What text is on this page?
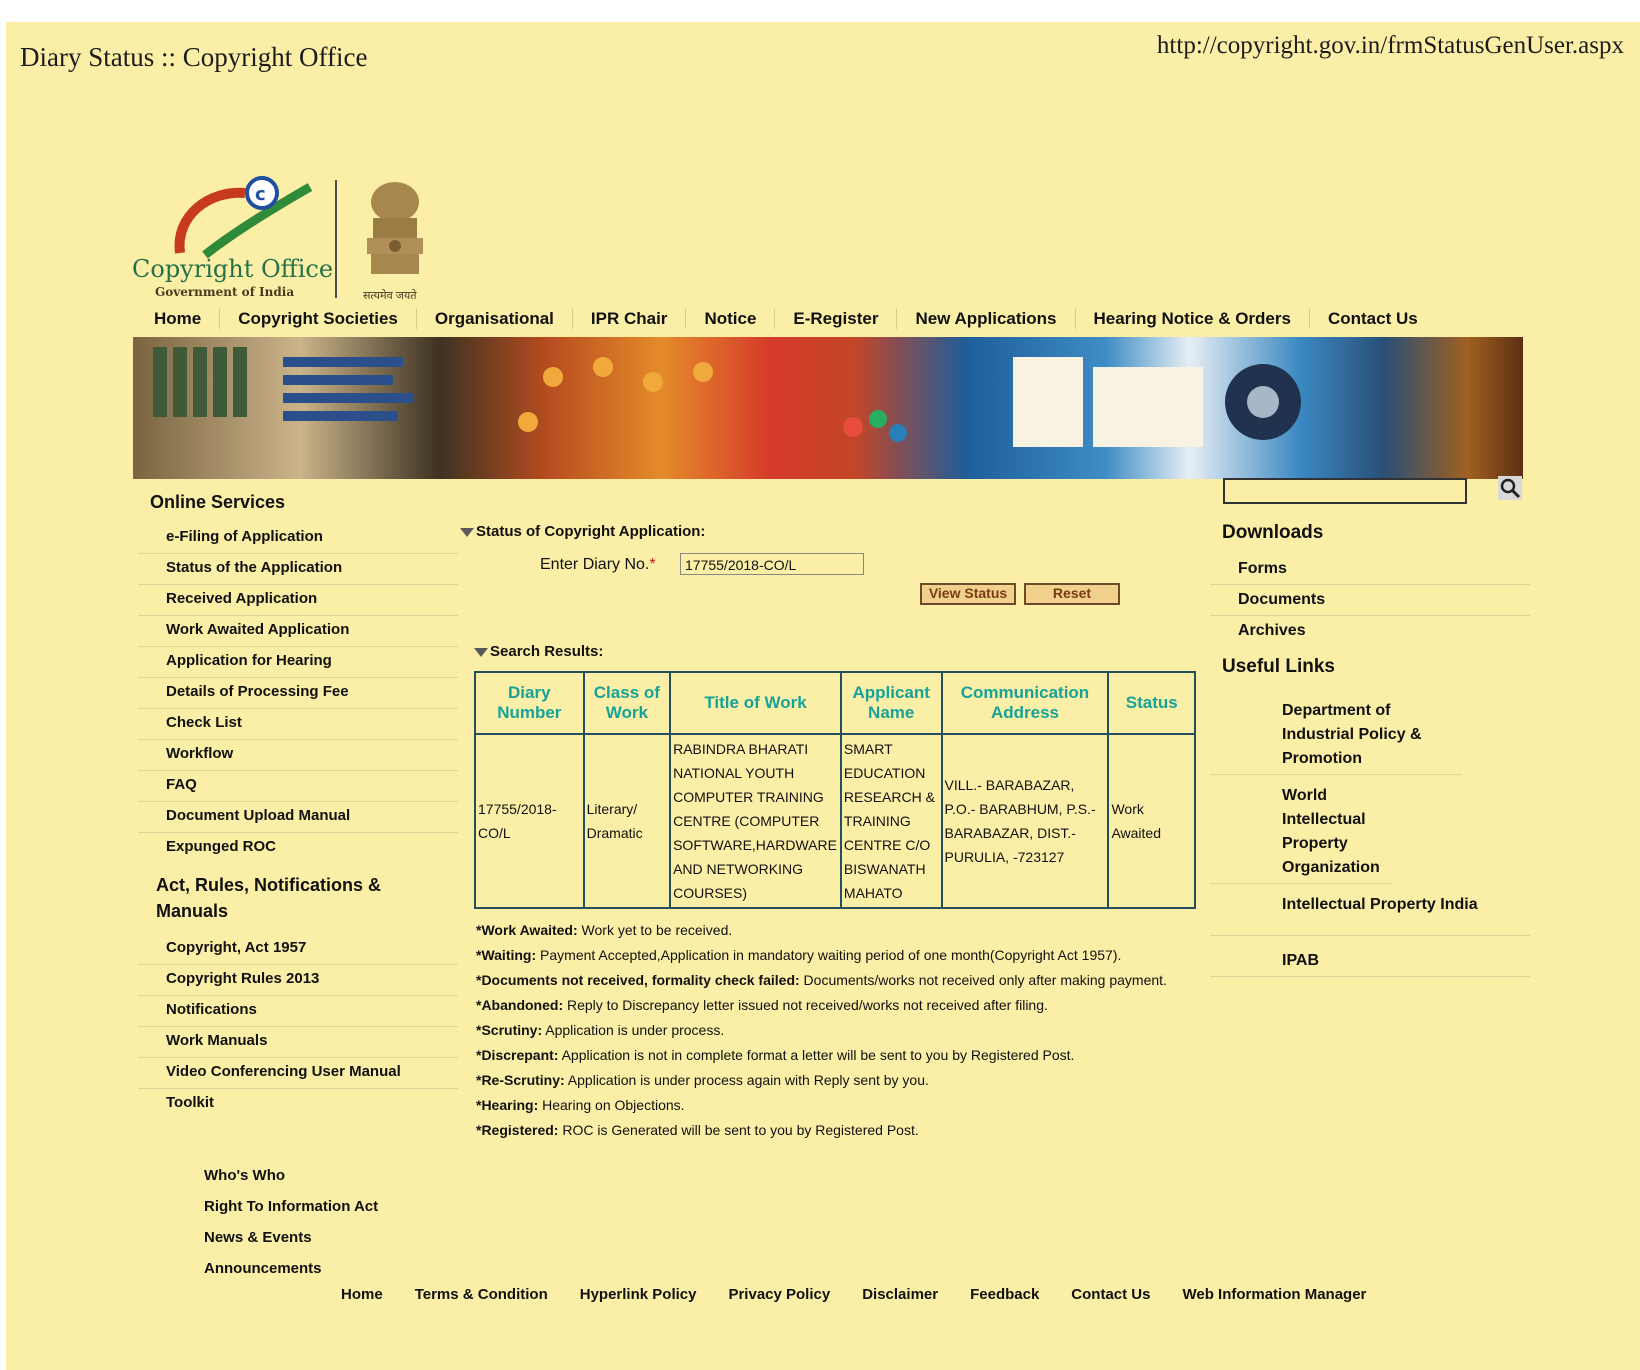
Diary Status :: Copyright Office	http://copyright.gov.in/frmStatusGenUser.aspx
c
Copyright Office
Government of India	सत्यमेव जयते
Home	Copyright Societies	Organisational	IPR Chair	Notice	E-Register	New Applications	Hearing Notice & Orders	Contact Us
Online Services
e-Filing of Application
Status of the Application
Received Application
Work Awaited Application
Application for Hearing
Details of Processing Fee
Check List
Workflow
FAQ
Document Upload Manual
Expunged ROC
Act, Rules, Notifications & Manuals
Copyright, Act 1957
Copyright Rules 2013
Notifications
Work Manuals
Video Conferencing User Manual
Toolkit
Who's Who
Right To Information Act
News & Events
Announcements
Status of Copyright Application:
Enter Diary No.*	17755/2018-CO/L
View Status	Reset
Search Results:
Diary Number	Class of Work	Title of Work	Applicant Name	Communication Address	Status
17755/2018-CO/L	Literary/ Dramatic	RABINDRA BHARATI NATIONAL YOUTH COMPUTER TRAINING CENTRE (COMPUTER SOFTWARE,HARDWARE AND NETWORKING COURSES)	SMART EDUCATION RESEARCH & TRAINING CENTRE C/O BISWANATH MAHATO	VILL.- BARABAZAR, P.O.- BARABHUM, P.S.- BARABAZAR, DIST.- PURULIA, -723127	Work Awaited
*Work Awaited: Work yet to be received.
*Waiting: Payment Accepted,Application in mandatory waiting period of one month(Copyright Act 1957).
*Documents not received, formality check failed: Documents/works not received only after making payment.
*Abandoned: Reply to Discrepancy letter issued not received/works not received after filing.
*Scrutiny: Application is under process.
*Discrepant: Application is not in complete format a letter will be sent to you by Registered Post.
*Re-Scrutiny: Application is under process again with Reply sent by you.
*Hearing: Hearing on Objections.
*Registered: ROC is Generated will be sent to you by Registered Post.
Downloads
Forms
Documents
Archives
Useful Links
Department of Industrial Policy & Promotion
World Intellectual Property Organization
Intellectual Property India
IPAB
Home	Terms & Condition	Hyperlink Policy	Privacy Policy	Disclaimer	Feedback	Contact Us	Web Information Manager
